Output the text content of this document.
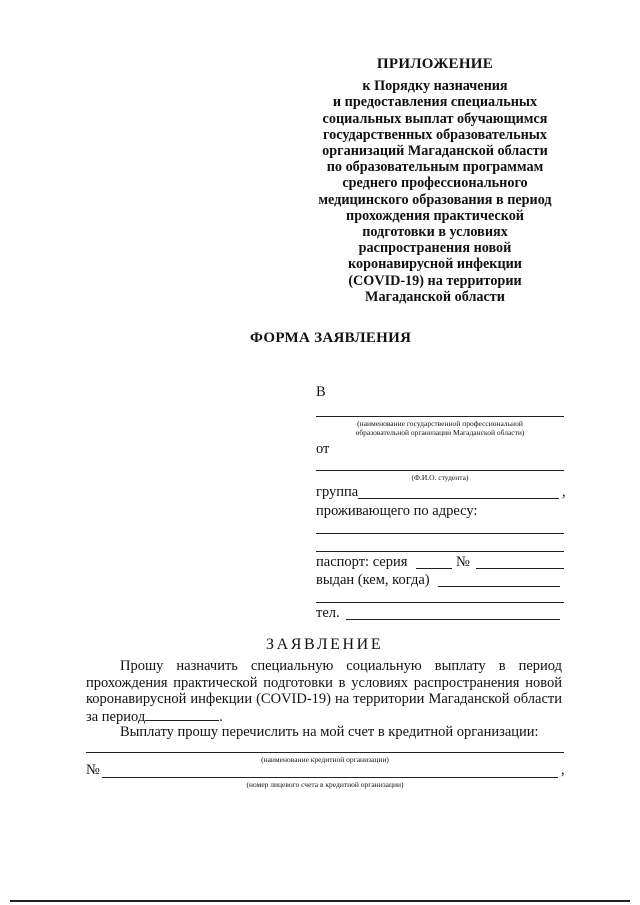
ПРИЛОЖЕНИЕ
к Порядку назначения
и предоставления специальных
социальных выплат обучающимся
государственных образовательных
организаций Магаданской области
по образовательным программам
среднего профессионального
медицинского образования в период
прохождения практической
подготовки в условиях
распространения новой
коронавирусной инфекции
(COVID-19) на территории
Магаданской области
ФОРМА ЗАЯВЛЕНИЯ
В
(наименование государственной профессиональной
образовательной организации Магаданской области)
от
(Ф.И.О. студента)
группа	,
проживающего по адресу:
паспорт: серия	№
выдан (кем, когда)
тел.
ЗАЯВЛЕНИЕ
Прошу назначить специальную социальную выплату в период прохождения практической подготовки в условиях распространения новой коронавирусной инфекции (COVID-19) на территории Магаданской области за период	.
Выплату прошу перечислить на мой счет в кредитной организации:
(наименование кредитной организации)
№	,
(номер лицевого счета в кредитной организации)
